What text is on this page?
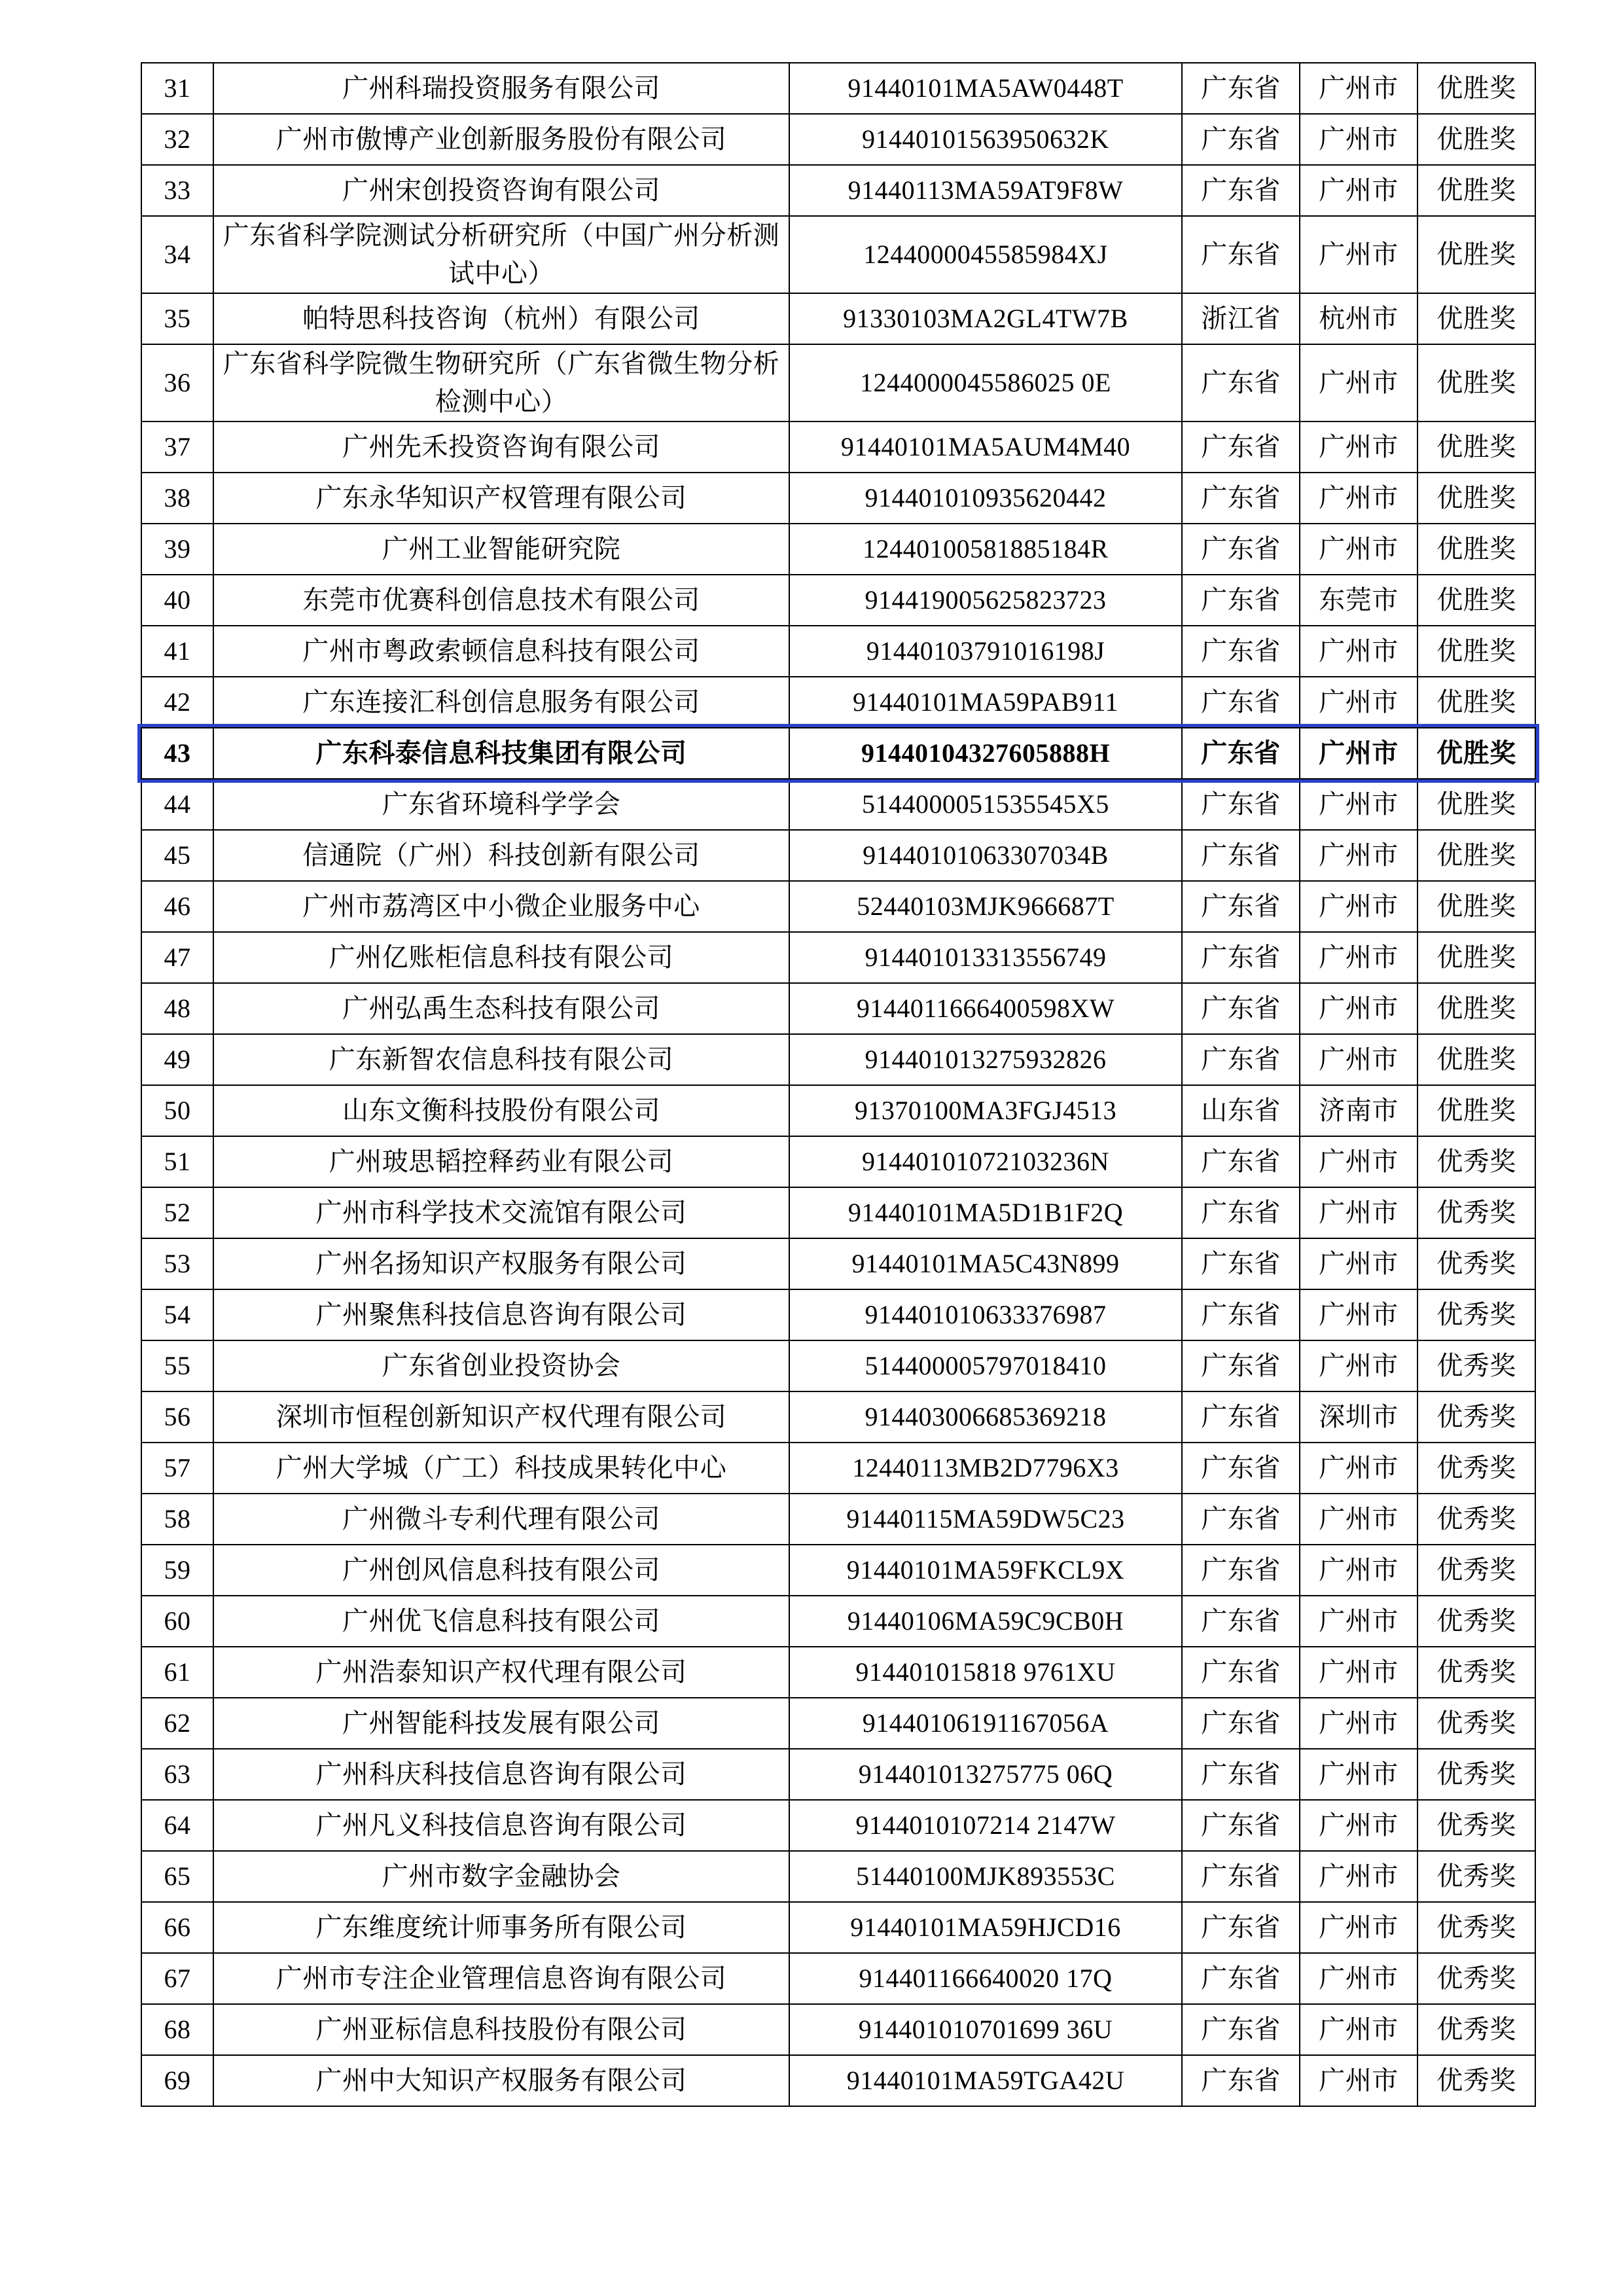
31	广州科瑞投资服务有限公司	91440101MA5AW0448T	广东省	广州市	优胜奖
32	广州市傲博产业创新服务股份有限公司	91440101563950632K	广东省	广州市	优胜奖
33	广州宋创投资咨询有限公司	91440113MA59AT9F8W	广东省	广州市	优胜奖
34	广东省科学院测试分析研究所（中国广州分析测试中心）	1244000045585984XJ	广东省	广州市	优胜奖
35	帕特思科技咨询（杭州）有限公司	91330103MA2GL4TW7B	浙江省	杭州市	优胜奖
36	广东省科学院微生物研究所（广东省微生物分析检测中心）	1244000045586025 0E	广东省	广州市	优胜奖
37	广州先禾投资咨询有限公司	91440101MA5AUM4M40	广东省	广州市	优胜奖
38	广东永华知识产权管理有限公司	914401010935620442	广东省	广州市	优胜奖
39	广州工业智能研究院	12440100581885184R	广东省	广州市	优胜奖
40	东莞市优赛科创信息技术有限公司	914419005625823723	广东省	东莞市	优胜奖
41	广州市粤政索顿信息科技有限公司	91440103791016198J	广东省	广州市	优胜奖
42	广东连接汇科创信息服务有限公司	91440101MA59PAB911	广东省	广州市	优胜奖
43	广东科泰信息科技集团有限公司	91440104327605888H	广东省	广州市	优胜奖
44	广东省环境科学学会	5144000051535545X5	广东省	广州市	优胜奖
45	信通院（广州）科技创新有限公司	91440101063307034B	广东省	广州市	优胜奖
46	广州市荔湾区中小微企业服务中心	52440103MJK966687T	广东省	广州市	优胜奖
47	广州亿账柜信息科技有限公司	914401013313556749	广东省	广州市	优胜奖
48	广州弘禹生态科技有限公司	9144011666400598XW	广东省	广州市	优胜奖
49	广东新智农信息科技有限公司	914401013275932826	广东省	广州市	优胜奖
50	山东文衡科技股份有限公司	91370100MA3FGJ4513	山东省	济南市	优胜奖
51	广州玻思韬控释药业有限公司	91440101072103236N	广东省	广州市	优秀奖
52	广州市科学技术交流馆有限公司	91440101MA5D1B1F2Q	广东省	广州市	优秀奖
53	广州名扬知识产权服务有限公司	91440101MA5C43N899	广东省	广州市	优秀奖
54	广州聚焦科技信息咨询有限公司	914401010633376987	广东省	广州市	优秀奖
55	广东省创业投资协会	514400005797018410	广东省	广州市	优秀奖
56	深圳市恒程创新知识产权代理有限公司	914403006685369218	广东省	深圳市	优秀奖
57	广州大学城（广工）科技成果转化中心	12440113MB2D7796X3	广东省	广州市	优秀奖
58	广州微斗专利代理有限公司	91440115MA59DW5C23	广东省	广州市	优秀奖
59	广州创风信息科技有限公司	91440101MA59FKCL9X	广东省	广州市	优秀奖
60	广州优飞信息科技有限公司	91440106MA59C9CB0H	广东省	广州市	优秀奖
61	广州浩泰知识产权代理有限公司	914401015818 9761XU	广东省	广州市	优秀奖
62	广州智能科技发展有限公司	91440106191167056A	广东省	广州市	优秀奖
63	广州科庆科技信息咨询有限公司	914401013275775 06Q	广东省	广州市	优秀奖
64	广州凡义科技信息咨询有限公司	9144010107214 2147W	广东省	广州市	优秀奖
65	广州市数字金融协会	51440100MJK893553C	广东省	广州市	优秀奖
66	广东维度统计师事务所有限公司	91440101MA59HJCD16	广东省	广州市	优秀奖
67	广州市专注企业管理信息咨询有限公司	914401166640020 17Q	广东省	广州市	优秀奖
68	广州亚标信息科技股份有限公司	914401010701699 36U	广东省	广州市	优秀奖
69	广州中大知识产权服务有限公司	91440101MA59TGA42U	广东省	广州市	优秀奖
